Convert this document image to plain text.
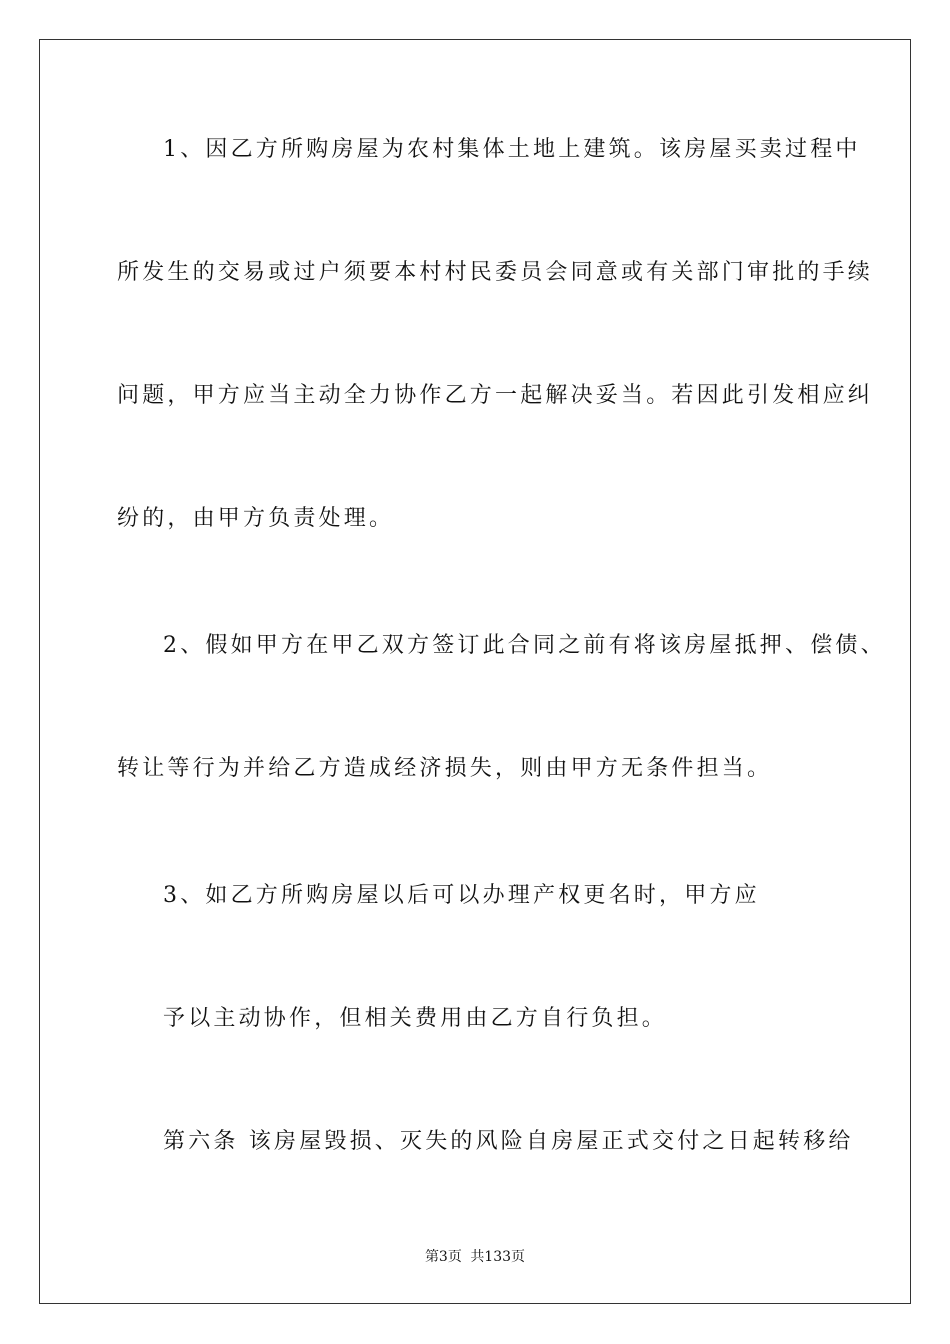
1、因乙方所购房屋为农村集体土地上建筑。该房屋买卖过程中
所发生的交易或过户须要本村村民委员会同意或有关部门审批的手续
问题，甲方应当主动全力协作乙方一起解决妥当。若因此引发相应纠
纷的，由甲方负责处理。
2、假如甲方在甲乙双方签订此合同之前有将该房屋抵押、偿债、
转让等行为并给乙方造成经济损失，则由甲方无条件担当。
3、如乙方所购房屋以后可以办理产权更名时，甲方应
予以主动协作，但相关费用由乙方自行负担。
第六条 该房屋毁损、灭失的风险自房屋正式交付之日起转移给
第3页 共133页
